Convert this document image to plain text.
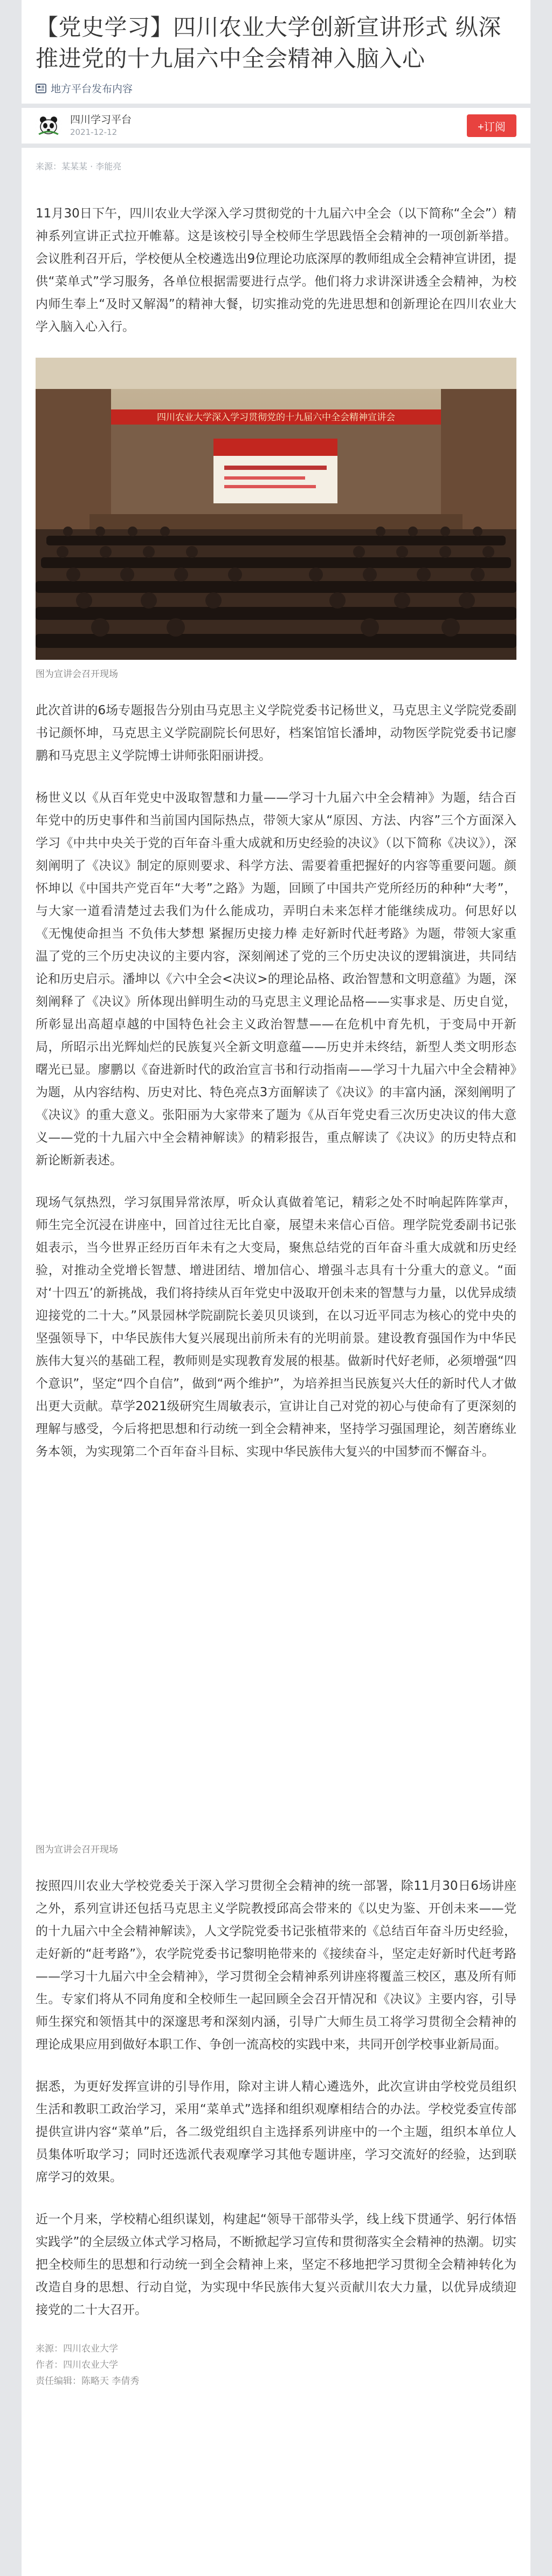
【党史学习】四川农业大学创新宣讲形式 纵深推进党的十九届六中全会精神入脑入心
地方平台发布内容
四川学习平台
2021-12-12	+订阅
来源：某某某 · 李能亮

11月30日下午，四川农业大学深入学习贯彻党的十九届六中全会（以下简称“全会”）精神系列宣讲正式拉开帷幕。这是该校引导全校师生学思践悟全会精神的一项创新举措。会议胜利召开后，学校便从全校遴选出9位理论功底深厚的教师组成全会精神宣讲团，提供“菜单式”学习服务，各单位根据需要进行点学。他们将力求讲深讲透全会精神，为校内师生奉上“及时又解渴”的精神大餐，切实推动党的先进思想和创新理论在四川农业大学入脑入心入行。

四川农业大学深入学习贯彻党的十九届六中全会精神宣讲会
图为宣讲会召开现场

此次首讲的6场专题报告分别由马克思主义学院党委书记杨世义，马克思主义学院党委副书记颜怀坤，马克思主义学院副院长何思好，档案馆馆长潘坤，动物医学院党委书记廖鹏和马克思主义学院博士讲师张阳丽讲授。

杨世义以《从百年党史中汲取智慧和力量——学习十九届六中全会精神》为题，结合百年党中的历史事件和当前国内国际热点，带领大家从“原因、方法、内容”三个方面深入学习《中共中央关于党的百年奋斗重大成就和历史经验的决议》（以下简称《决议》），深刻阐明了《决议》制定的原则要求、科学方法、需要着重把握好的内容等重要问题。颜怀坤以《中国共产党百年“大考”之路》为题，回顾了中国共产党所经历的种种“大考”，与大家一道看清楚过去我们为什么能成功，弄明白未来怎样才能继续成功。何思好以《无愧使命担当 不负伟大梦想 紧握历史接力棒 走好新时代赶考路》为题，带领大家重温了党的三个历史决议的主要内容，深刻阐述了党的三个历史决议的逻辑演进，共同结论和历史启示。潘坤以《六中全会<决议>的理论品格、政治智慧和文明意蕴》为题，深刻阐释了《决议》所体现出鲜明生动的马克思主义理论品格——实事求是、历史自觉，所彰显出高超卓越的中国特色社会主义政治智慧——在危机中育先机，于变局中开新局，所昭示出光辉灿烂的民族复兴全新文明意蕴——历史并未终结，新型人类文明形态曙光已显。廖鹏以《奋进新时代的政治宣言书和行动指南——学习十九届六中全会精神》为题，从内容结构、历史对比、特色亮点3方面解读了《决议》的丰富内涵，深刻阐明了《决议》的重大意义。张阳丽为大家带来了题为《从百年党史看三次历史决议的伟大意义——党的十九届六中全会精神解读》的精彩报告，重点解读了《决议》的历史特点和新论断新表述。

现场气氛热烈，学习氛围异常浓厚，听众认真做着笔记，精彩之处不时响起阵阵掌声，师生完全沉浸在讲座中，回首过往无比自豪，展望未来信心百倍。理学院党委副书记张姐表示，当今世界正经历百年未有之大变局，聚焦总结党的百年奋斗重大成就和历史经验，对推动全党增长智慧、增进团结、增加信心、增强斗志具有十分重大的意义。“面对‘十四五’的新挑战，我们将持续从百年党史中汲取开创未来的智慧与力量，以优异成绩迎接党的二十大。”风景园林学院副院长姜贝贝谈到，在以习近平同志为核心的党中央的坚强领导下，中华民族伟大复兴展现出前所未有的光明前景。建设教育强国作为中华民族伟大复兴的基础工程，教师则是实现教育发展的根基。做新时代好老师，必须增强“四个意识”，坚定“四个自信”，做到“两个维护”，为培养担当民族复兴大任的新时代人才做出更大贡献。草学2021级研究生周敏表示，宣讲让自己对党的初心与使命有了更深刻的理解与感受，今后将把思想和行动统一到全会精神来，坚持学习强国理论，刻苦磨练业务本领，为实现第二个百年奋斗目标、实现中华民族伟大复兴的中国梦而不懈奋斗。

图为宣讲会召开现场

按照四川农业大学校党委关于深入学习贯彻全会精神的统一部署，除11月30日6场讲座之外，系列宣讲还包括马克思主义学院教授邱高会带来的《以史为鉴、开创未来——党的十九届六中全会精神解读》，人文学院党委书记张植带来的《总结百年奋斗历史经验，走好新的“赶考路”》，农学院党委书记黎明艳带来的《接续奋斗，坚定走好新时代赶考路——学习十九届六中全会精神》，学习贯彻全会精神系列讲座将覆盖三校区，惠及所有师生。专家们将从不同角度和全校师生一起回顾全会召开情况和《决议》主要内容，引导师生探究和领悟其中的深邃思考和深刻内涵，引导广大师生员工将学习贯彻全会精神的理论成果应用到做好本职工作、争创一流高校的实践中来，共同开创学校事业新局面。

据悉，为更好发挥宣讲的引导作用，除对主讲人精心遴选外，此次宣讲由学校党员组织生活和教职工政治学习，采用“菜单式”选择和组织观摩相结合的办法。学校党委宣传部提供宣讲内容“菜单”后，各二级党组织自主选择系列讲座中的一个主题，组织本单位人员集体听取学习；同时还选派代表观摩学习其他专题讲座，学习交流好的经验，达到联席学习的效果。

近一个月来，学校精心组织谋划，构建起“领导干部带头学，线上线下贯通学、躬行体悟实践学”的全层级立体式学习格局，不断掀起学习宣传和贯彻落实全会精神的热潮。切实把全校师生的思想和行动统一到全会精神上来，坚定不移地把学习贯彻全会精神转化为改造自身的思想、行动自觉，为实现中华民族伟大复兴贡献川农大力量，以优异成绩迎接党的二十大召开。

来源：四川农业大学
作者：四川农业大学
责任编辑：陈略天 李倩秀
